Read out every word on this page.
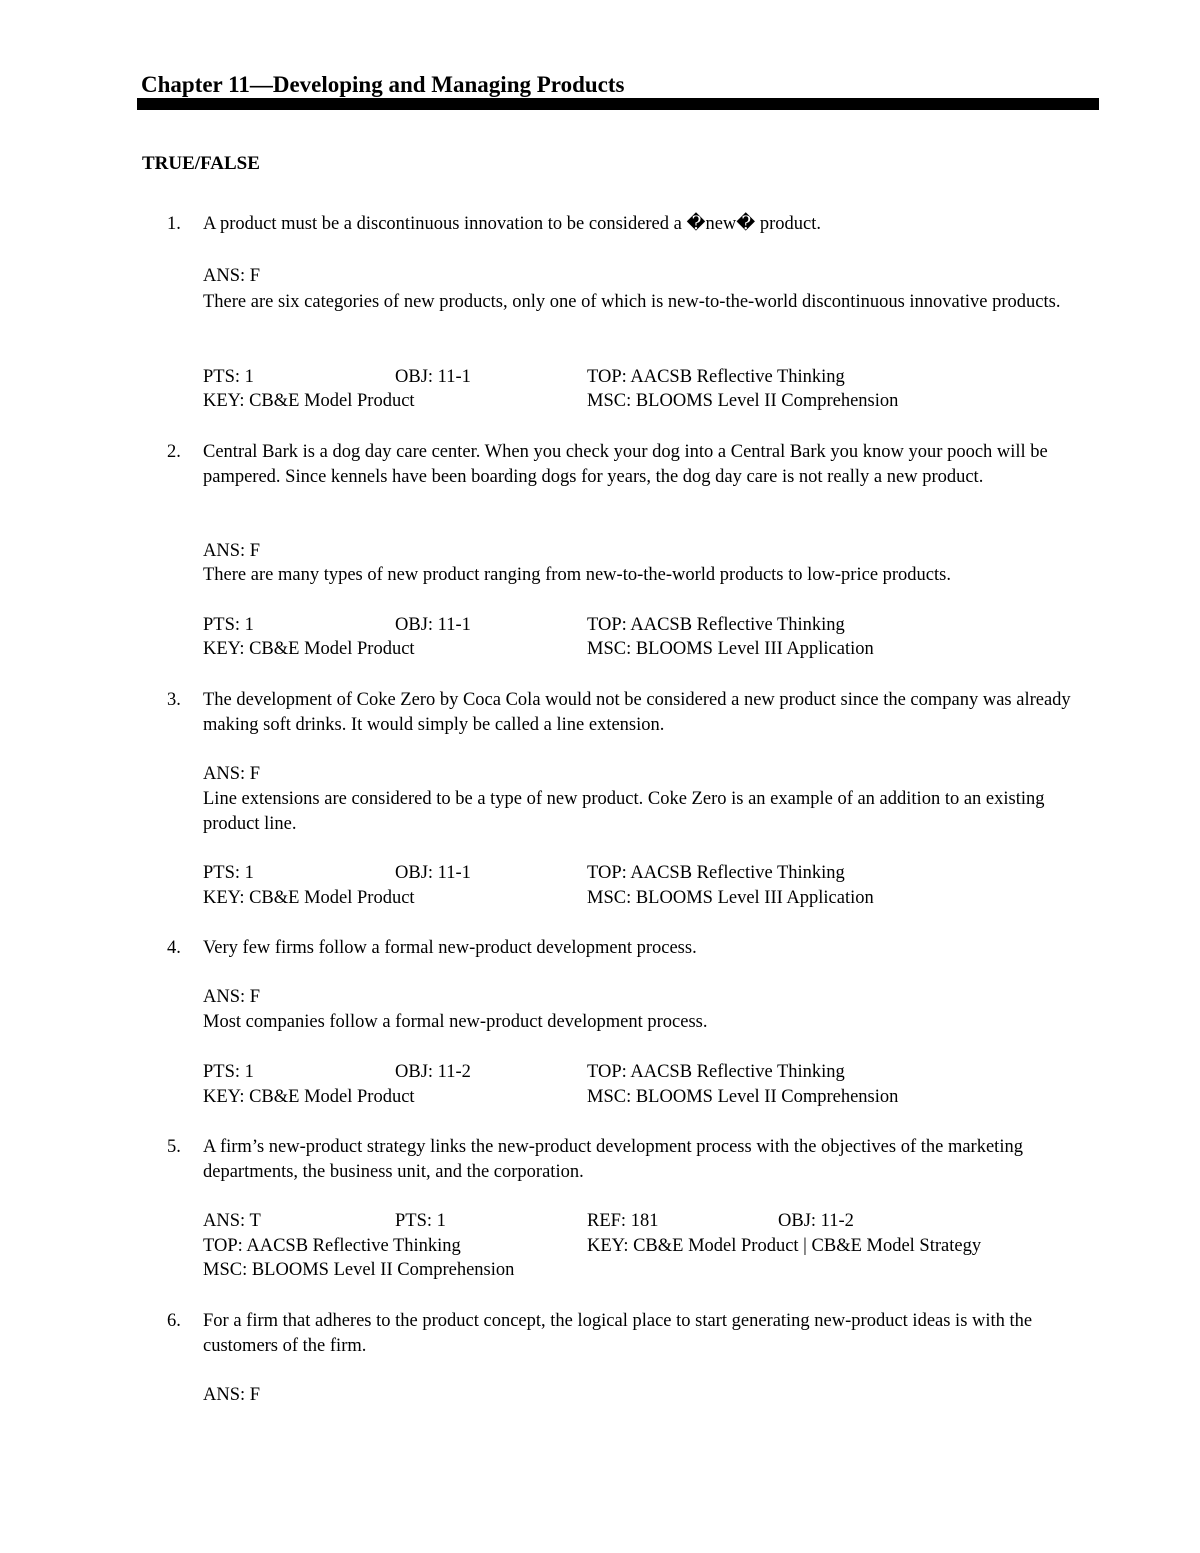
Chapter 11—Developing and Managing Products
TRUE/FALSE
1. A product must be a discontinuous innovation to be considered a �new� product.
ANS: F
There are six categories of new products, only one of which is new-to-the-world discontinuous innovative products.
PTS: 1	OBJ: 11-1	TOP: AACSB Reflective Thinking
KEY: CB&E Model Product	MSC: BLOOMS Level II Comprehension
2. Central Bark is a dog day care center. When you check your dog into a Central Bark you know your pooch will be pampered. Since kennels have been boarding dogs for years, the dog day care is not really a new product.
ANS: F
There are many types of new product ranging from new-to-the-world products to low-price products.
PTS: 1	OBJ: 11-1	TOP: AACSB Reflective Thinking
KEY: CB&E Model Product	MSC: BLOOMS Level III Application
3. The development of Coke Zero by Coca Cola would not be considered a new product since the company was already making soft drinks. It would simply be called a line extension.
ANS: F
Line extensions are considered to be a type of new product. Coke Zero is an example of an addition to an existing product line.
PTS: 1	OBJ: 11-1	TOP: AACSB Reflective Thinking
KEY: CB&E Model Product	MSC: BLOOMS Level III Application
4. Very few firms follow a formal new-product development process.
ANS: F
Most companies follow a formal new-product development process.
PTS: 1	OBJ: 11-2	TOP: AACSB Reflective Thinking
KEY: CB&E Model Product	MSC: BLOOMS Level II Comprehension
5. A firm’s new-product strategy links the new-product development process with the objectives of the marketing departments, the business unit, and the corporation.
ANS: T	PTS: 1	REF: 181	OBJ: 11-2
TOP: AACSB Reflective Thinking	KEY: CB&E Model Product | CB&E Model Strategy
MSC: BLOOMS Level II Comprehension
6. For a firm that adheres to the product concept, the logical place to start generating new-product ideas is with the customers of the firm.
ANS: F
